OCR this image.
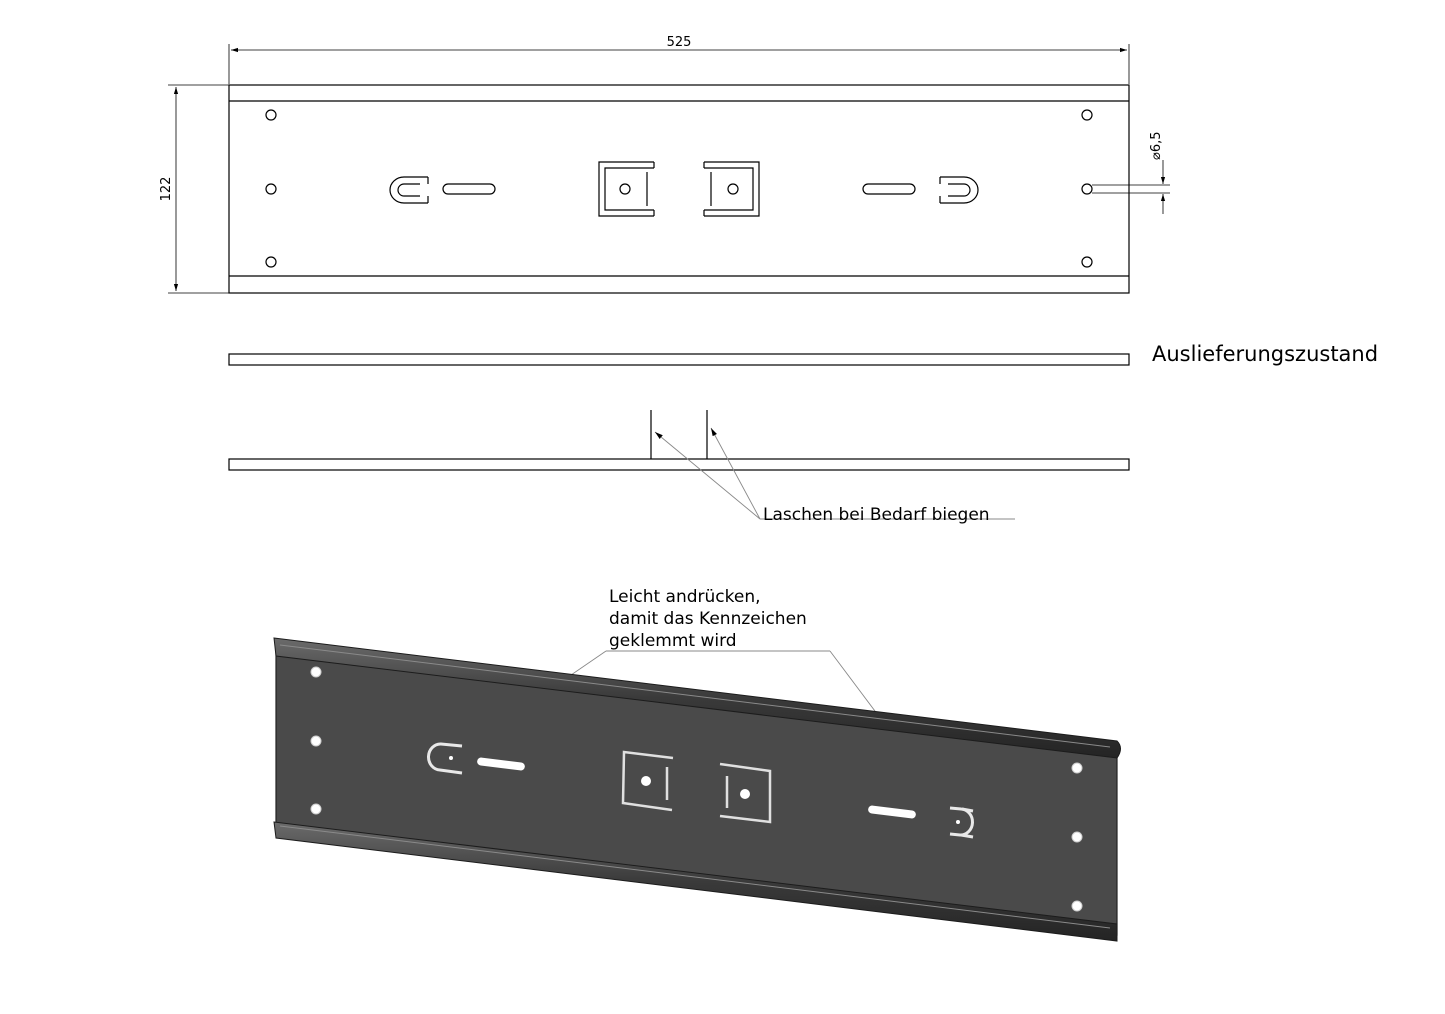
525
122
⌀6,5
Auslieferungszustand
Laschen bei Bedarf biegen
Leicht andrücken,
damit das Kennzeichen
geklemmt wird
